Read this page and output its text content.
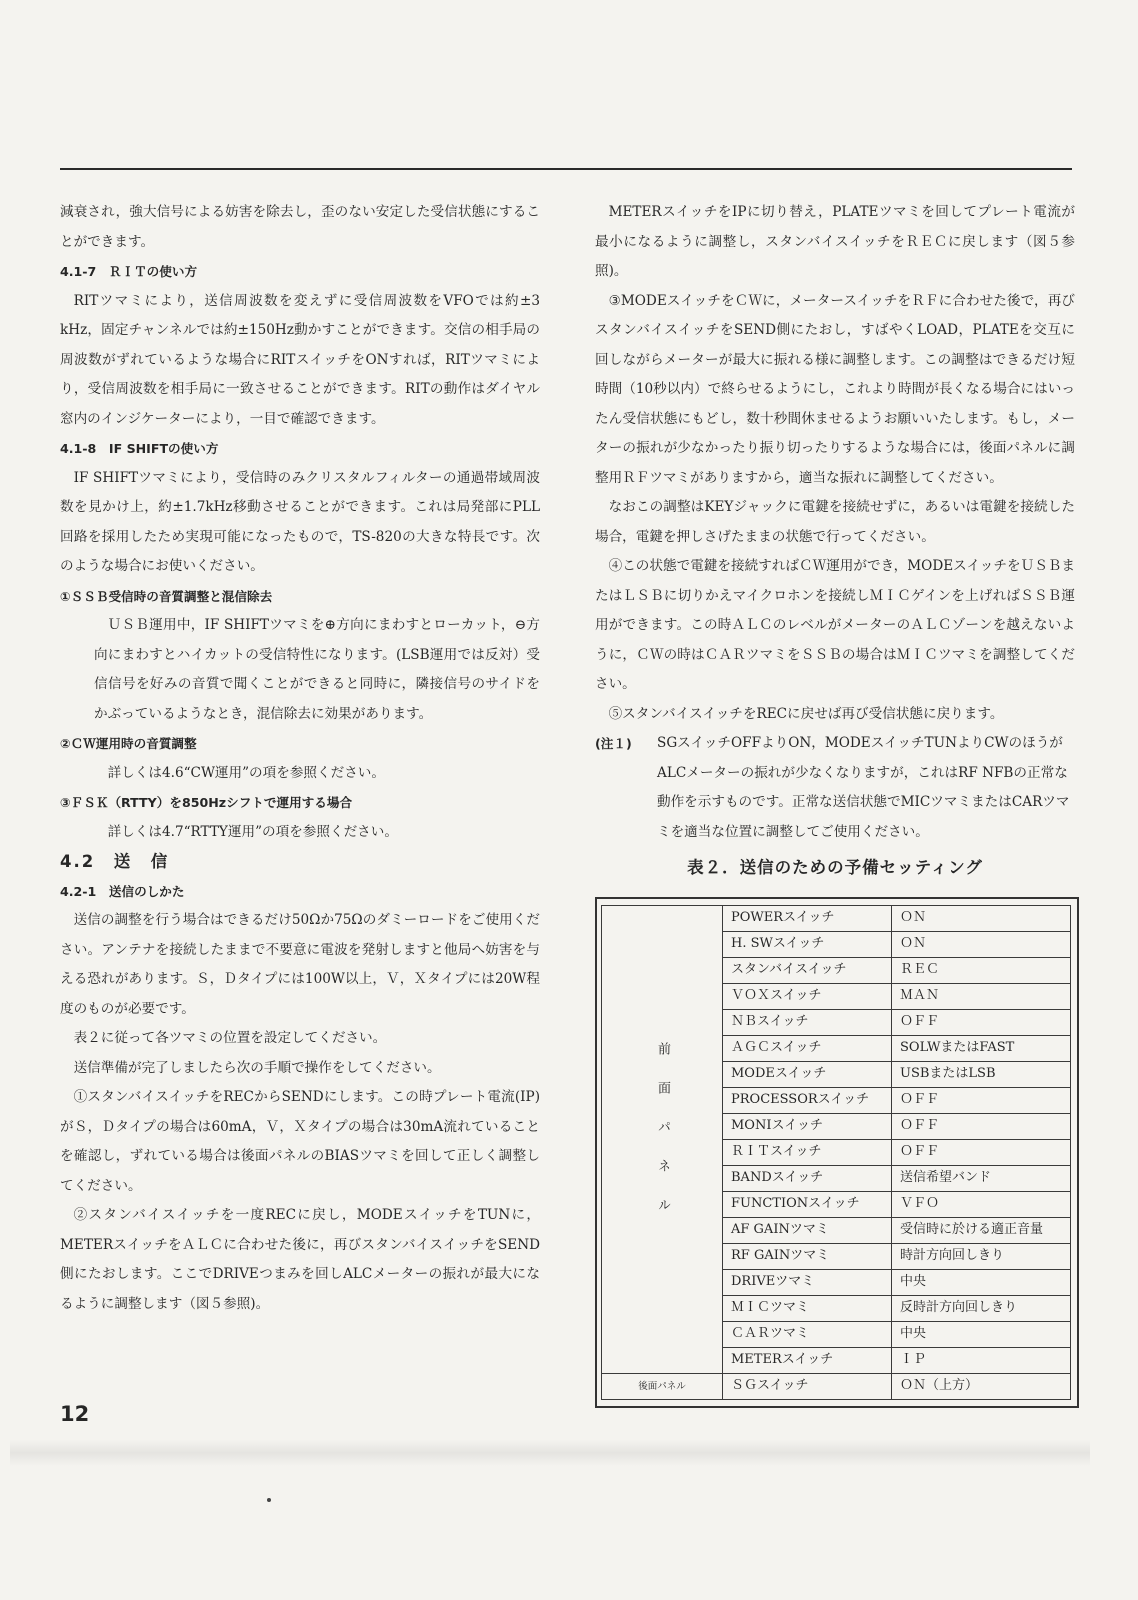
減衰され，強大信号による妨害を除去し，歪のない安定した受信状態にすることができます。

4.1-7　ＲＩＴの使い方

RITツマミにより，送信周波数を変えずに受信周波数をVFOでは約±3 kHz，固定チャンネルでは約±150Hz動かすことができます。交信の相手局の周波数がずれているような場合にRITスイッチをONすれば，RITツマミにより，受信周波数を相手局に一致させることができます。RITの動作はダイヤル窓内のインジケーターにより，一目で確認できます。

4.1-8　IF SHIFTの使い方

IF SHIFTツマミにより，受信時のみクリスタルフィルターの通過帯域周波数を見かけ上，約±1.7kHz移動させることができます。これは局発部にPLL回路を採用したため実現可能になったもので，TS-820の大きな特長です。次のような場合にお使いください。

①ＳＳＢ受信時の音質調整と混信除去

ＵＳＢ運用中，IF SHIFTツマミを⊕方向にまわすとローカット，⊖方向にまわすとハイカットの受信特性になります。(LSB運用では反対）受信信号を好みの音質で聞くことができると同時に，隣接信号のサイドをかぶっているようなとき，混信除去に効果があります。

②ＣＷ運用時の音質調整

詳しくは4.6“CW運用”の項を参照ください。

③ＦＳＫ（RTTY）を850Hzシフトで運用する場合

詳しくは4.7“RTTY運用”の項を参照ください。

4.2　送　信

4.2-1　送信のしかた

送信の調整を行う場合はできるだけ50Ωか75Ωのダミーロードをご使用ください。アンテナを接続したままで不要意に電波を発射しますと他局へ妨害を与える恐れがあります。Ｓ，Ｄタイプには100W以上，Ｖ，Ｘタイプには20W程度のものが必要です。

表２に従って各ツマミの位置を設定してください。

送信準備が完了しましたら次の手順で操作をしてください。

①スタンバイスイッチをRECからSENDにします。この時プレート電流(IP)がＳ，Ｄタイプの場合は60mA，Ｖ，Ｘタイプの場合は30mA流れていることを確認し，ずれている場合は後面パネルのBIASツマミを回して正しく調整してください。

②スタンバイスイッチを一度RECに戻し，MODEスイッチをTUNに，METERスイッチをＡＬＣに合わせた後に，再びスタンバイスイッチをSEND側にたおします。ここでDRIVEつまみを回しALCメーターの振れが最大になるように調整します（図５参照)。

METERスイッチをIPに切り替え，PLATEツマミを回してプレート電流が最小になるように調整し，スタンバイスイッチをＲＥＣに戻します（図５参照)。

③MODEスイッチをＣＷに，メータースイッチをＲＦに合わせた後で，再びスタンバイスイッチをSEND側にたおし，すばやくLOAD，PLATEを交互に回しながらメーターが最大に振れる様に調整します。この調整はできるだけ短時間（10秒以内）で終らせるようにし，これより時間が長くなる場合にはいったん受信状態にもどし，数十秒間休ませるようお願いいたします。もし，メーターの振れが少なかったり振り切ったりするような場合には，後面パネルに調整用ＲＦツマミがありますから，適当な振れに調整してください。

なおこの調整はKEYジャックに電鍵を接続せずに，あるいは電鍵を接続した場合，電鍵を押しさげたままの状態で行ってください。

④この状態で電鍵を接続すればＣＷ運用ができ，MODEスイッチをＵＳＢまたはＬＳＢに切りかえマイクロホンを接続しＭＩＣゲインを上げればＳＳＢ運用ができます。この時ＡＬＣのレベルがメーターのＡＬＣゾーンを越えないように，ＣＷの時はＣＡＲツマミをＳＳＢの場合はＭＩＣツマミを調整してください。

⑤スタンバイスイッチをRECに戻せば再び受信状態に戻ります。

(注１)	SGスイッチOFFよりON，MODEスイッチTUNよりCWのほうがALCメーターの振れが少なくなりますが，これはRF NFBの正常な動作を示すものです。正常な送信状態でMICツマミまたはCARツマミを適当な位置に調整してご使用ください。
表２．送信のための予備セッティング
前面パネル	POWERスイッチ	ＯＮ
	H. SWスイッチ	ＯＮ
	スタンバイスイッチ	ＲＥＣ
	ＶＯＸスイッチ	ＭＡＮ
	ＮＢスイッチ	ＯＦＦ
	ＡＧＣスイッチ	SOLWまたはFAST
	MODEスイッチ	USBまたはLSB
	PROCESSORスイッチ	ＯＦＦ
	MONIスイッチ	ＯＦＦ
	ＲＩＴスイッチ	ＯＦＦ
	BANDスイッチ	送信希望バンド
	FUNCTIONスイッチ	ＶＦＯ
	AF GAINツマミ	受信時に於ける適正音量
	RF GAINツマミ	時計方向回しきり
	DRIVEツマミ	中央
	ＭＩＣツマミ	反時計方向回しきり
	ＣＡＲツマミ	中央
	METERスイッチ	ＩＰ
後面パネル	ＳＧスイッチ	ＯＮ（上方）
12
